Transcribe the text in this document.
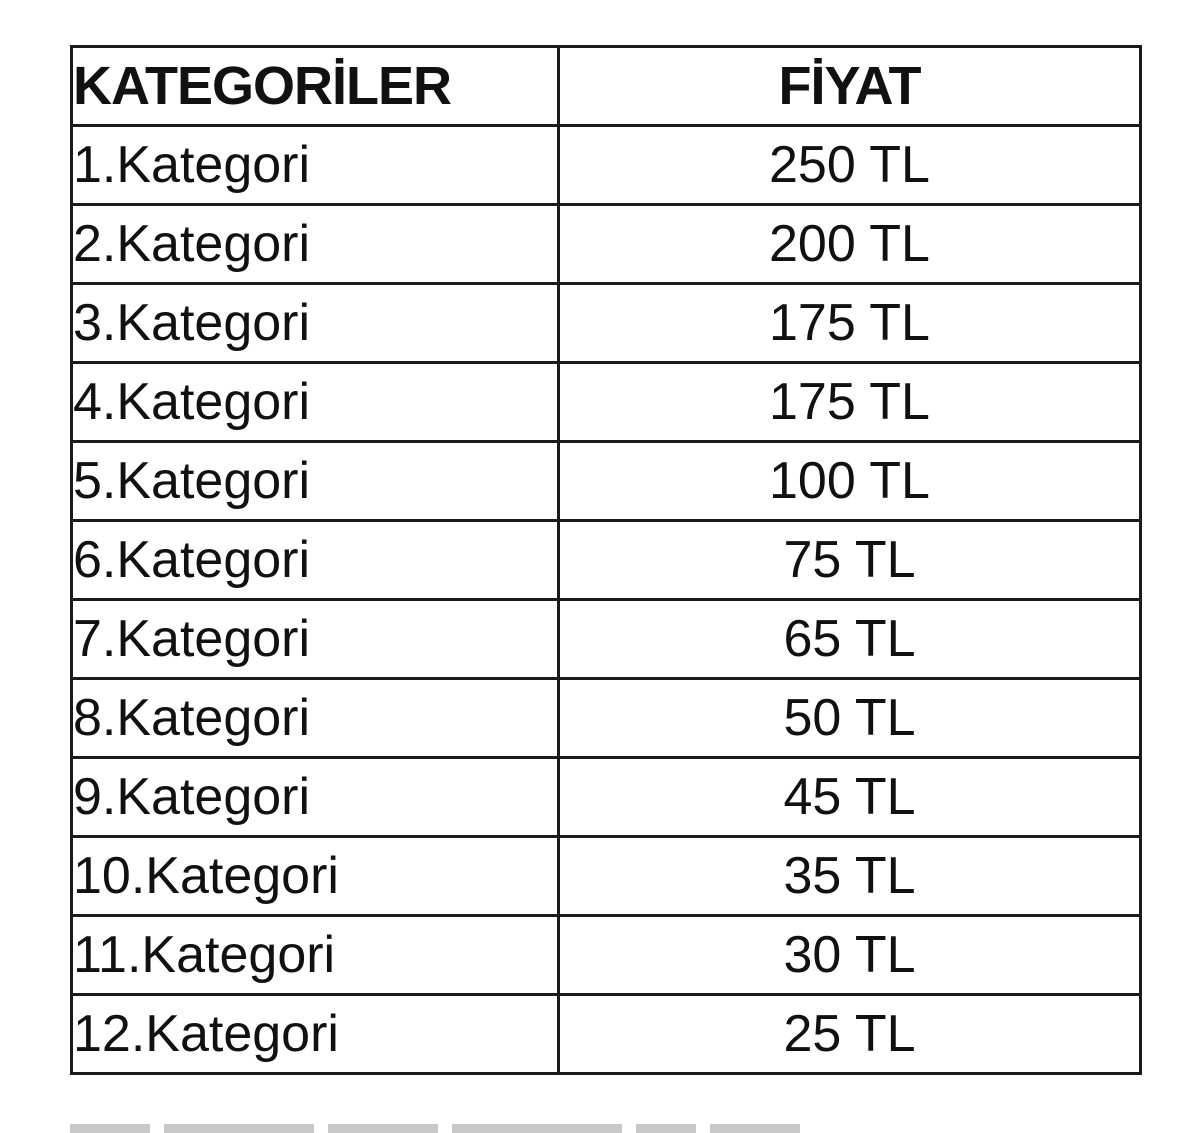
KATEGORİLER	FİYAT
1.Kategori	250 TL
2.Kategori	200 TL
3.Kategori	175 TL
4.Kategori	175 TL
5.Kategori	100 TL
6.Kategori	75 TL
7.Kategori	65 TL
8.Kategori	50 TL
9.Kategori	45 TL
10.Kategori	35 TL
11.Kategori	30 TL
12.Kategori	25 TL
